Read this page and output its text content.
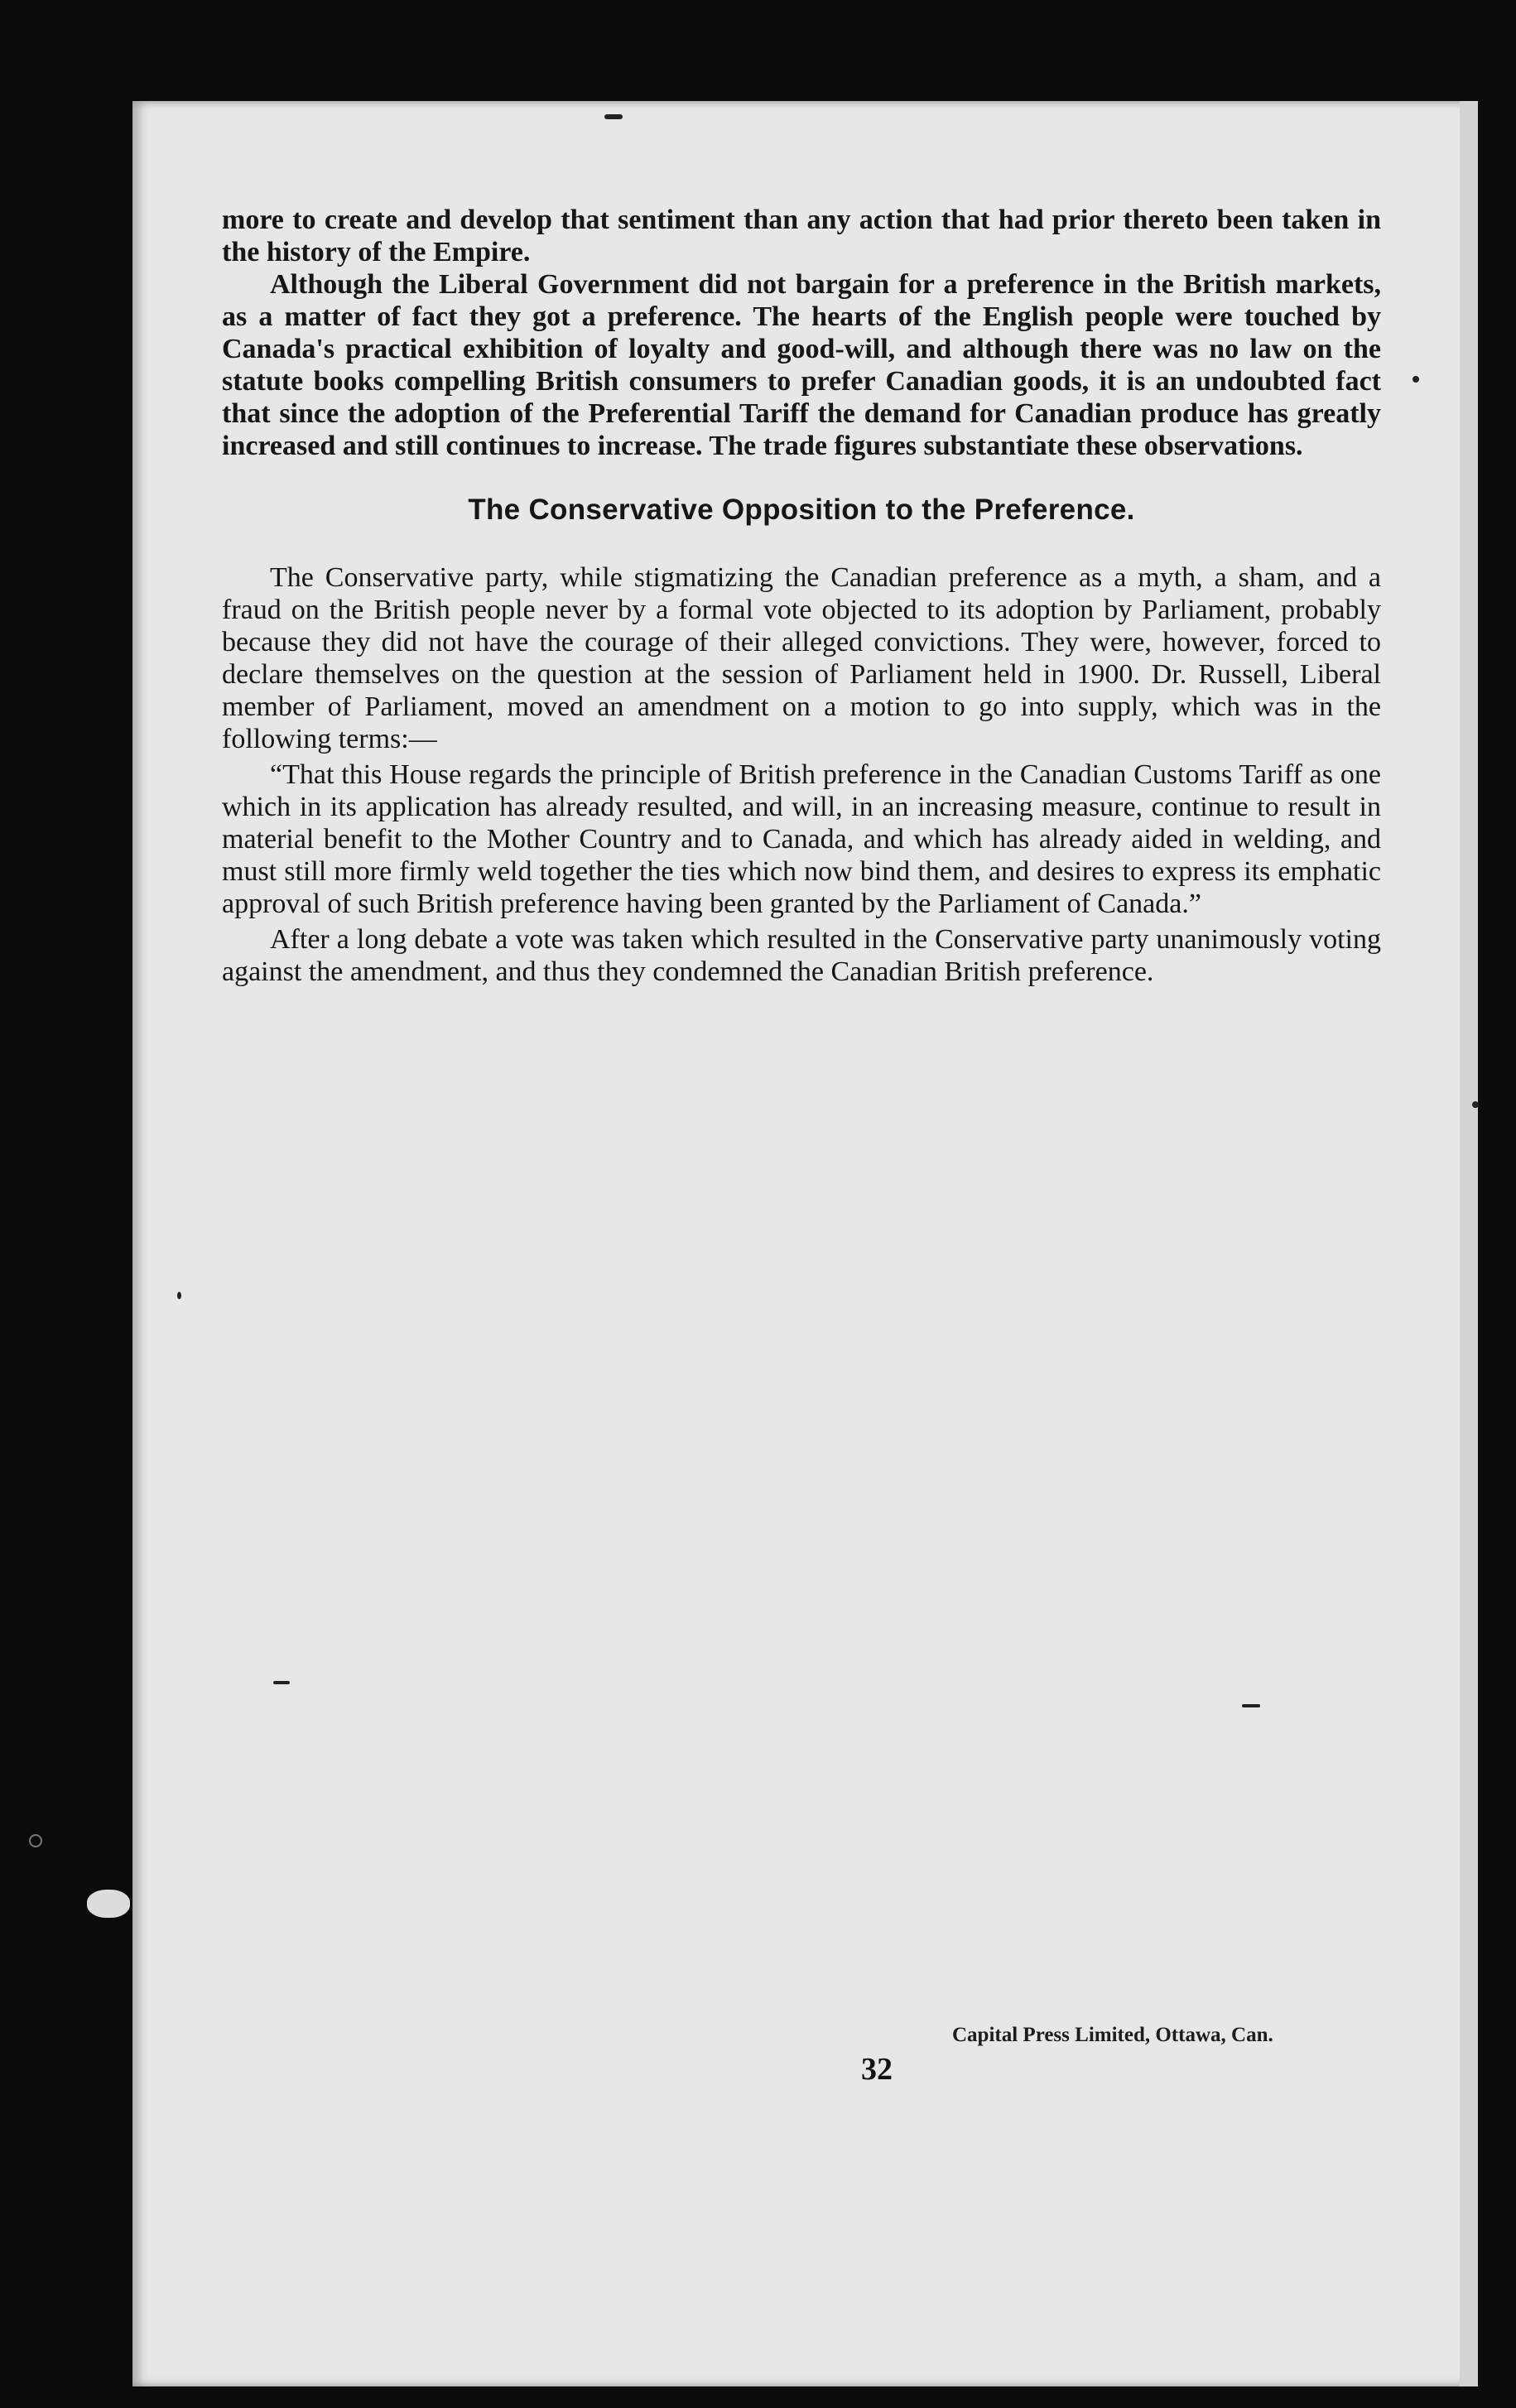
more to create and develop that sentiment than any action that had prior thereto been taken in the history of the Empire.

Although the Liberal Government did not bargain for a preference in the British markets, as a matter of fact they got a preference. The hearts of the English people were touched by Canada's practical exhibition of loyalty and good-will, and although there was no law on the statute books compelling British consumers to prefer Canadian goods, it is an undoubted fact that since the adoption of the Preferential Tariff the demand for Canadian produce has greatly increased and still continues to increase. The trade figures substantiate these observations.

The Conservative Opposition to the Preference.

The Conservative party, while stigmatizing the Canadian preference as a myth, a sham, and a fraud on the British people never by a formal vote objected to its adoption by Parliament, probably because they did not have the courage of their alleged convictions. They were, however, forced to declare themselves on the question at the session of Parliament held in 1900. Dr. Russell, Liberal member of Parliament, moved an amendment on a motion to go into supply, which was in the following terms:—

“That this House regards the principle of British preference in the Canadian Customs Tariff as one which in its application has already resulted, and will, in an increasing measure, continue to result in material benefit to the Mother Country and to Canada, and which has already aided in welding, and must still more firmly weld together the ties which now bind them, and desires to express its emphatic approval of such British preference having been granted by the Parliament of Canada.”

After a long debate a vote was taken which resulted in the Conservative party unanimously voting against the amendment, and thus they condemned the Canadian British preference.

Capital Press Limited, Ottawa, Can.
32
